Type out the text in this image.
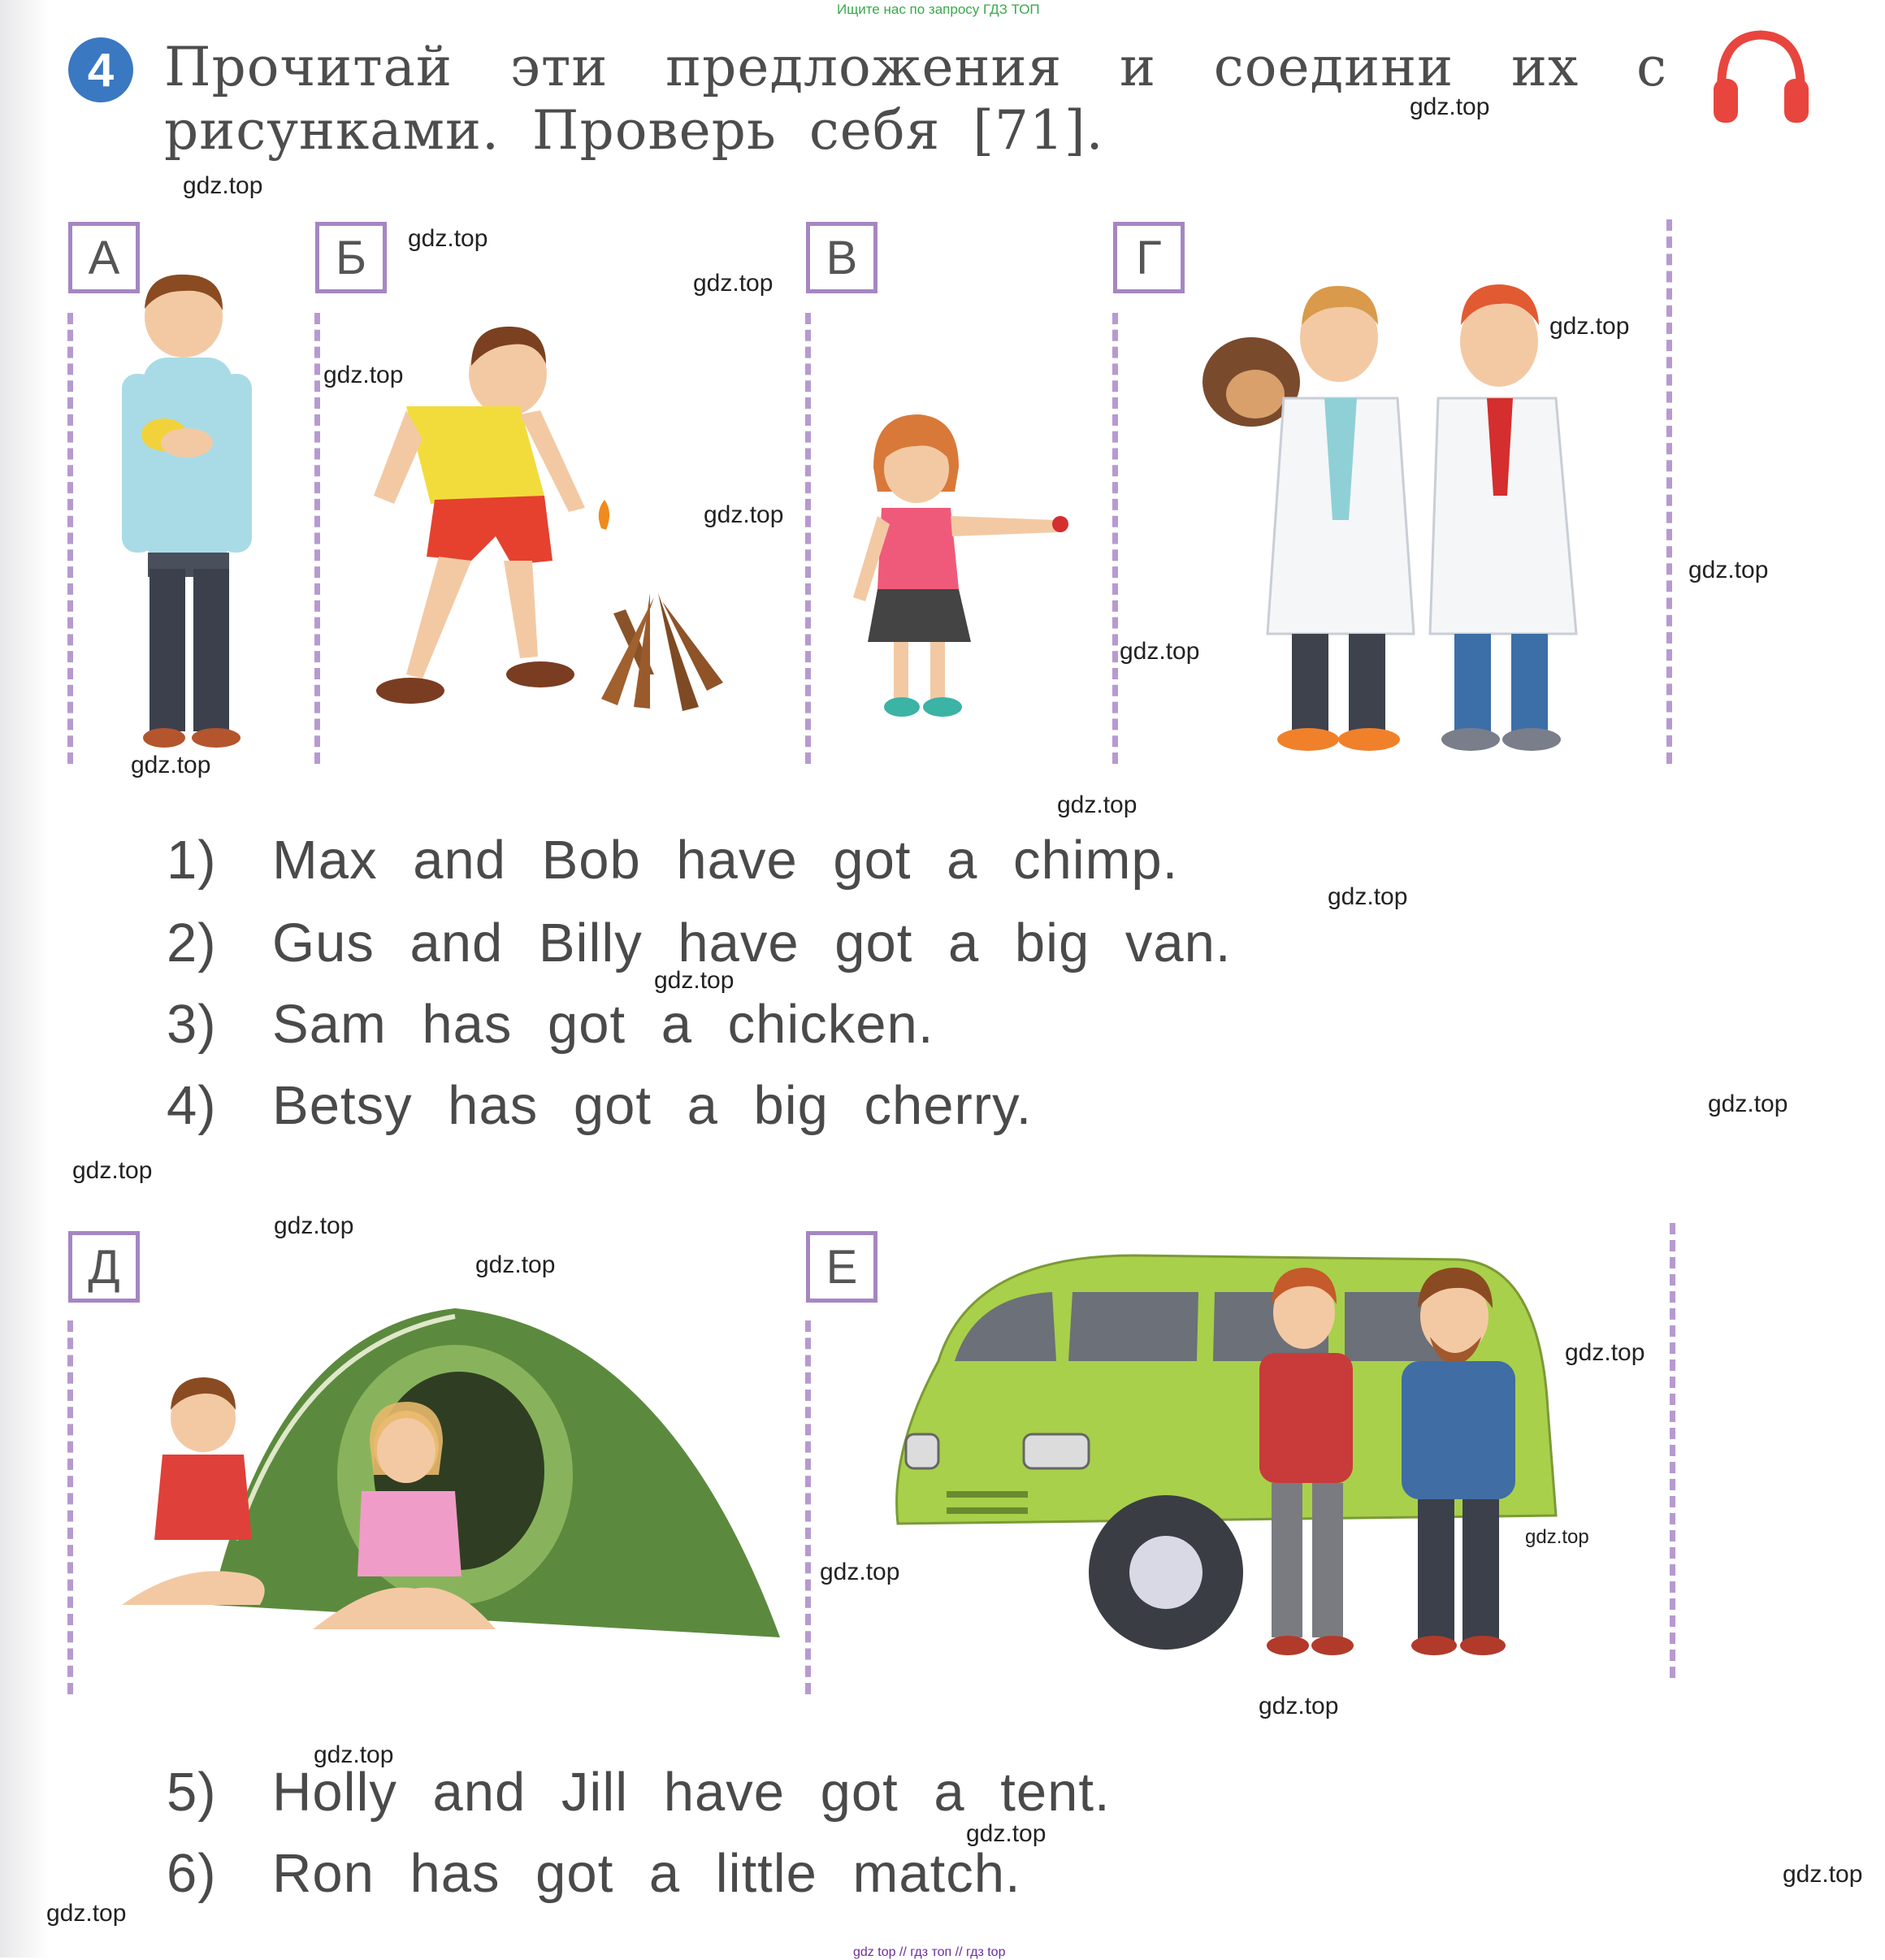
Ищите нас по запросу ГДЗ ТОП
4 Прочитай эти предложения и соедини их с
рисунками. Проверь себя [71].
А	Б	В	Г
1) Max and Bob have got a chimp.
2) Gus and Billy have got a big van.
3) Sam has got a chicken.
4) Betsy has got a big cherry.
Д	Е
5) Holly and Jill have got a tent.
6) Ron has got a little match.
gdz.top
gdz.top
gdz.top
gdz.top
gdz.top
gdz.top
gdz.top
gdz.top
gdz.top
gdz.top
gdz.top
gdz.top
gdz.top
gdz.top
gdz.top
gdz.top
gdz.top
gdz.top
gdz.top
gdz.top
gdz.top
gdz.top
gdz.top
gdz.top
gdz.top
gdz top // гдз топ // гдз top
